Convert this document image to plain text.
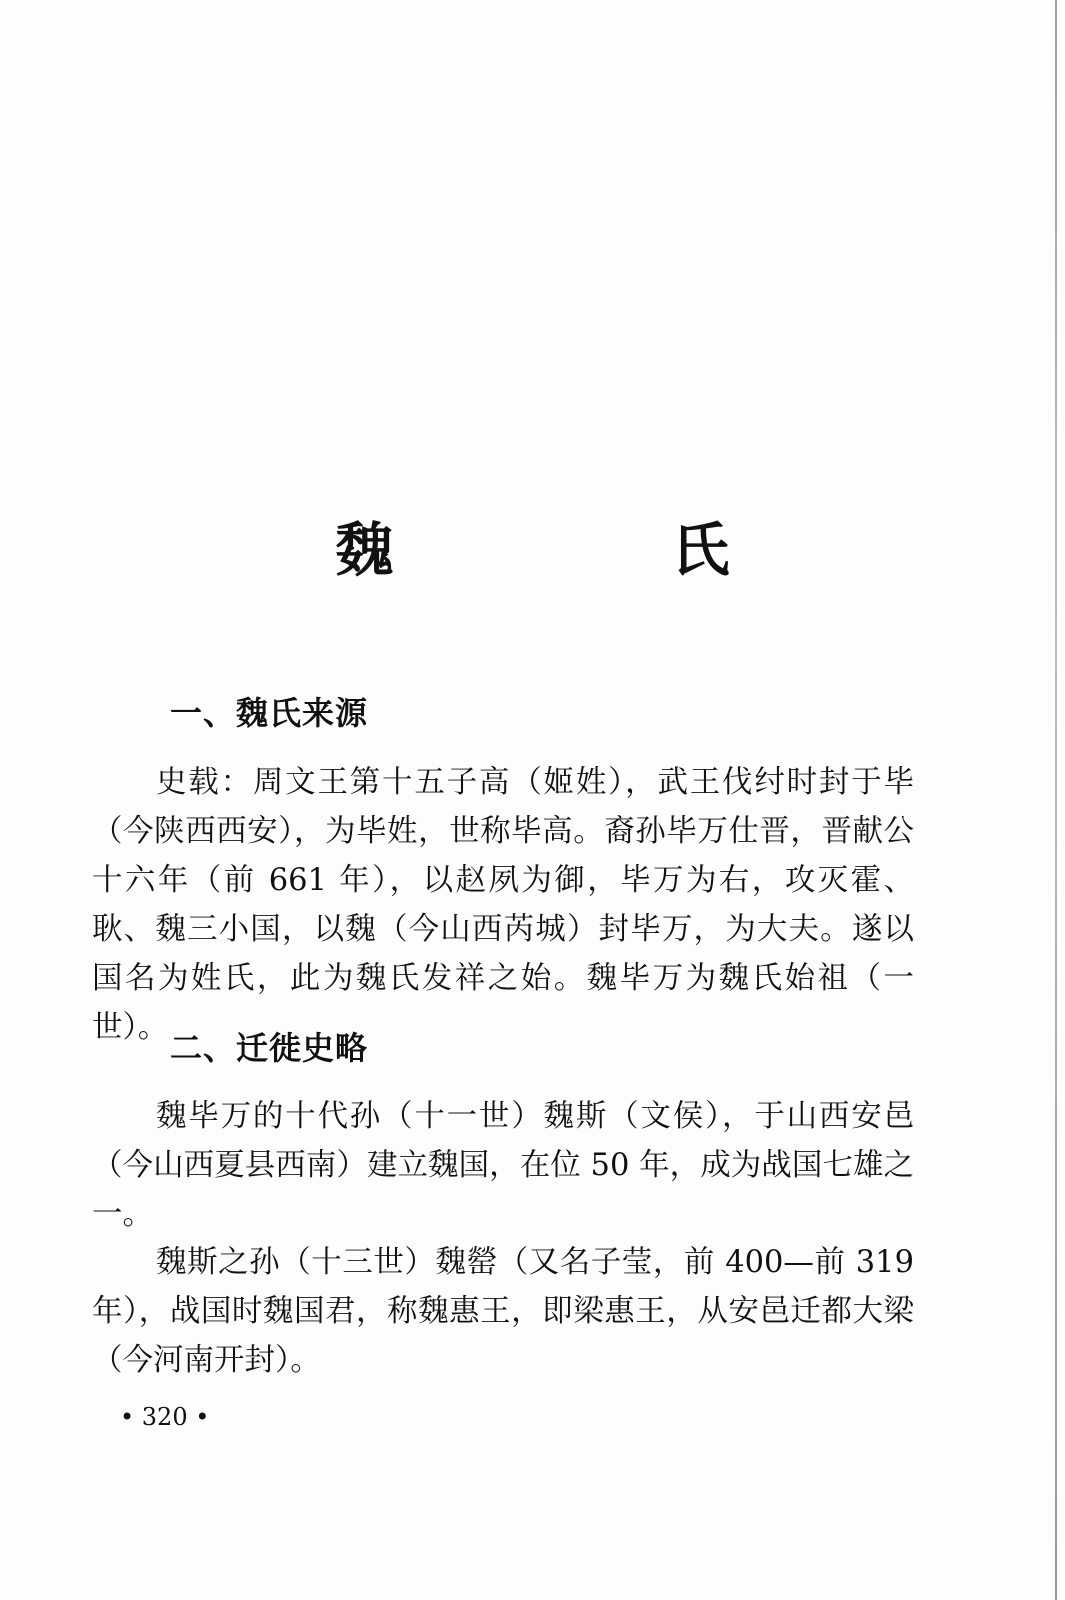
魏　氏
一、魏氏来源

史载：周文王第十五子高（姬姓），武王伐纣时封于毕（今陕西西安），为毕姓，世称毕高。裔孙毕万仕晋，晋献公十六年（前 661 年），以赵夙为御，毕万为右，攻灭霍、耿、魏三小国，以魏（今山西芮城）封毕万，为大夫。遂以国名为姓氏，此为魏氏发祥之始。魏毕万为魏氏始祖（一世）。

二、迁徙史略

魏毕万的十代孙（十一世）魏斯（文侯），于山西安邑（今山西夏县西南）建立魏国，在位 50 年，成为战国七雄之一。

魏斯之孙（十三世）魏罃（又名子莹，前 400—前 319 年），战国时魏国君，称魏惠王，即梁惠王，从安邑迁都大梁（今河南开封）。

• 320 •
